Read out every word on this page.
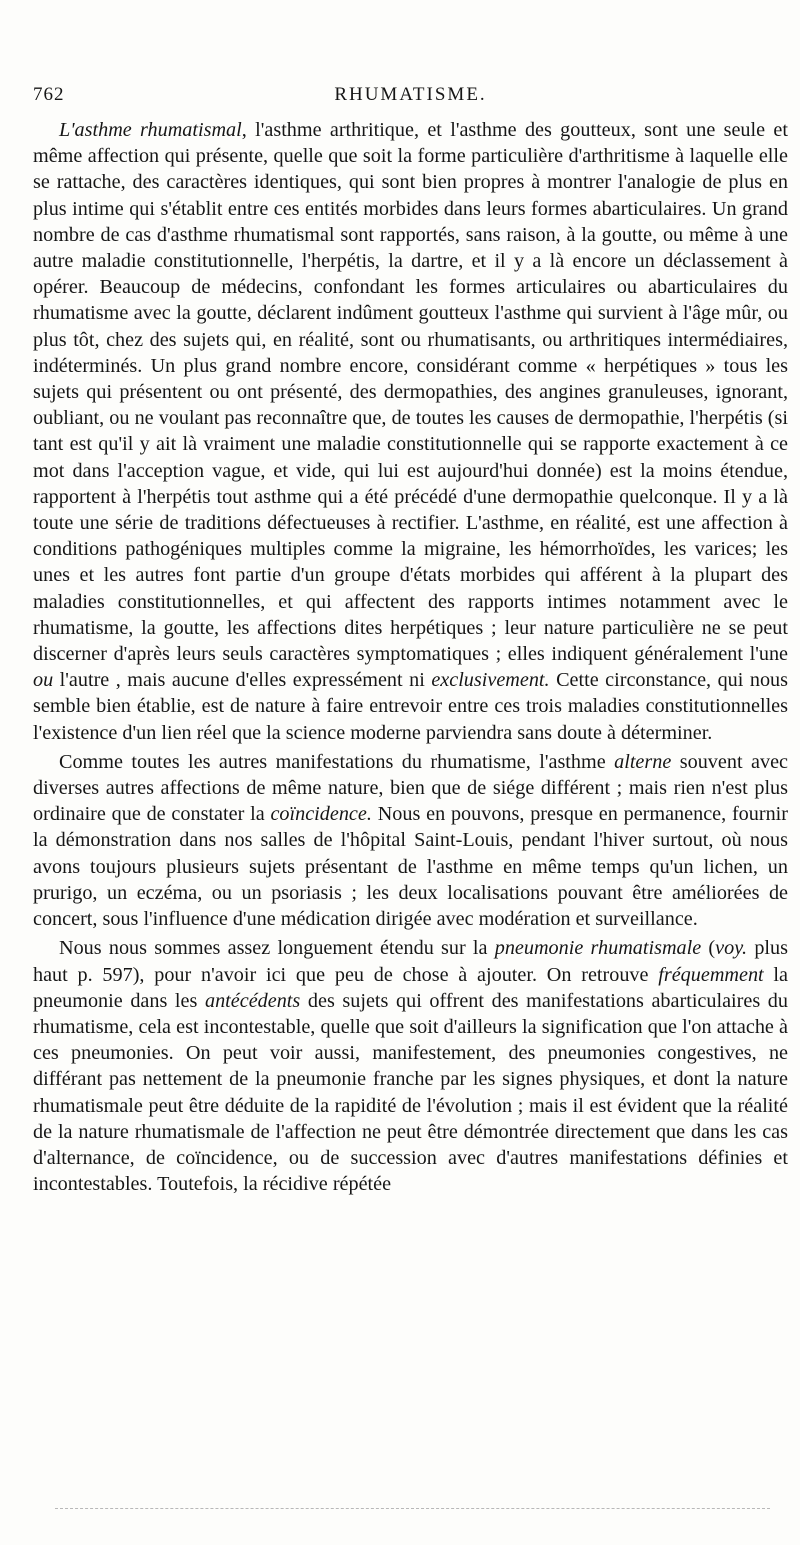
762	RHUMATISME.

L'asthme rhumatismal, l'asthme arthritique, et l'asthme des goutteux, sont une seule et même affection qui présente, quelle que soit la forme particulière d'arthritisme à laquelle elle se rattache, des caractères identiques, qui sont bien propres à montrer l'analogie de plus en plus intime qui s'établit entre ces entités morbides dans leurs formes abarticulaires. Un grand nombre de cas d'asthme rhumatismal sont rapportés, sans raison, à la goutte, ou même à une autre maladie constitutionnelle, l'herpétis, la dartre, et il y a là encore un déclassement à opérer. Beaucoup de médecins, confondant les formes articulaires ou abarticulaires du rhumatisme avec la goutte, déclarent indûment goutteux l'asthme qui survient à l'âge mûr, ou plus tôt, chez des sujets qui, en réalité, sont ou rhumatisants, ou arthritiques intermédiaires, indéterminés. Un plus grand nombre encore, considérant comme « herpétiques » tous les sujets qui présentent ou ont présenté, des dermopathies, des angines granuleuses, ignorant, oubliant, ou ne voulant pas reconnaître que, de toutes les causes de dermopathie, l'herpétis (si tant est qu'il y ait là vraiment une maladie constitutionnelle qui se rapporte exactement à ce mot dans l'acception vague, et vide, qui lui est aujourd'hui donnée) est la moins étendue, rapportent à l'herpétis tout asthme qui a été précédé d'une dermopathie quelconque. Il y a là toute une série de traditions défectueuses à rectifier. L'asthme, en réalité, est une affection à conditions pathogéniques multiples comme la migraine, les hémorrhoïdes, les varices; les unes et les autres font partie d'un groupe d'états morbides qui afférent à la plupart des maladies constitutionnelles, et qui affectent des rapports intimes notamment avec le rhumatisme, la goutte, les affections dites herpétiques ; leur nature particulière ne se peut discerner d'après leurs seuls caractères symptomatiques ; elles indiquent généralement l'une ou l'autre , mais aucune d'elles expressément ni exclusivement. Cette circonstance, qui nous semble bien établie, est de nature à faire entrevoir entre ces trois maladies constitutionnelles l'existence d'un lien réel que la science moderne parviendra sans doute à déterminer.

Comme toutes les autres manifestations du rhumatisme, l'asthme alterne souvent avec diverses autres affections de même nature, bien que de siége différent ; mais rien n'est plus ordinaire que de constater la coïncidence. Nous en pouvons, presque en permanence, fournir la démonstration dans nos salles de l'hôpital Saint-Louis, pendant l'hiver surtout, où nous avons toujours plusieurs sujets présentant de l'asthme en même temps qu'un lichen, un prurigo, un eczéma, ou un psoriasis ; les deux localisations pouvant être améliorées de concert, sous l'influence d'une médication dirigée avec modération et surveillance.

Nous nous sommes assez longuement étendu sur la pneumonie rhumatismale (voy. plus haut p. 597), pour n'avoir ici que peu de chose à ajouter. On retrouve fréquemment la pneumonie dans les antécédents des sujets qui offrent des manifestations abarticulaires du rhumatisme, cela est incontestable, quelle que soit d'ailleurs la signification que l'on attache à ces pneumonies. On peut voir aussi, manifestement, des pneumonies congestives, ne différant pas nettement de la pneumonie franche par les signes physiques, et dont la nature rhumatismale peut être déduite de la rapidité de l'évolution ; mais il est évident que la réalité de la nature rhumatismale de l'affection ne peut être démontrée directement que dans les cas d'alternance, de coïncidence, ou de succession avec d'autres manifestations définies et incontestables. Toutefois, la récidive répétée
